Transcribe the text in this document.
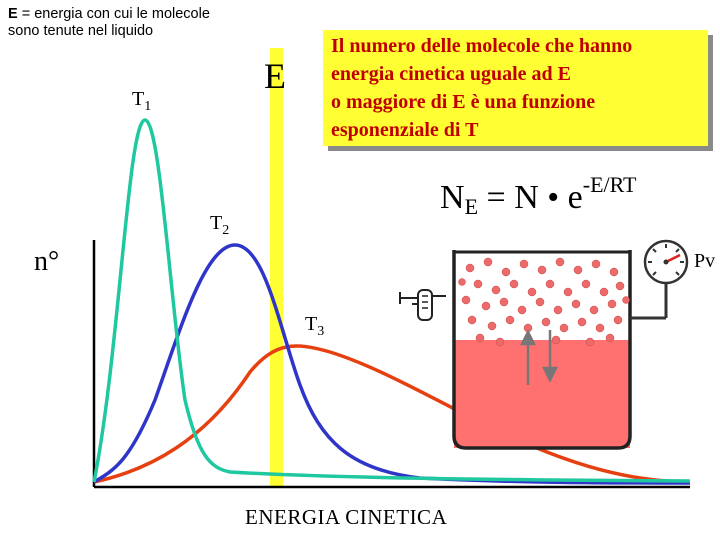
E = energia con cui le molecole sono tenute nel liquido
Il numero delle molecole che hanno
energia cinetica uguale ad E
o maggiore di E è una funzione
esponenziale di T
E
$N_E = N$ • $e^{-E/RT}$
$T_1$
$T_2$
$T_3$
n°
ENERGIA CINETICA
Pv
